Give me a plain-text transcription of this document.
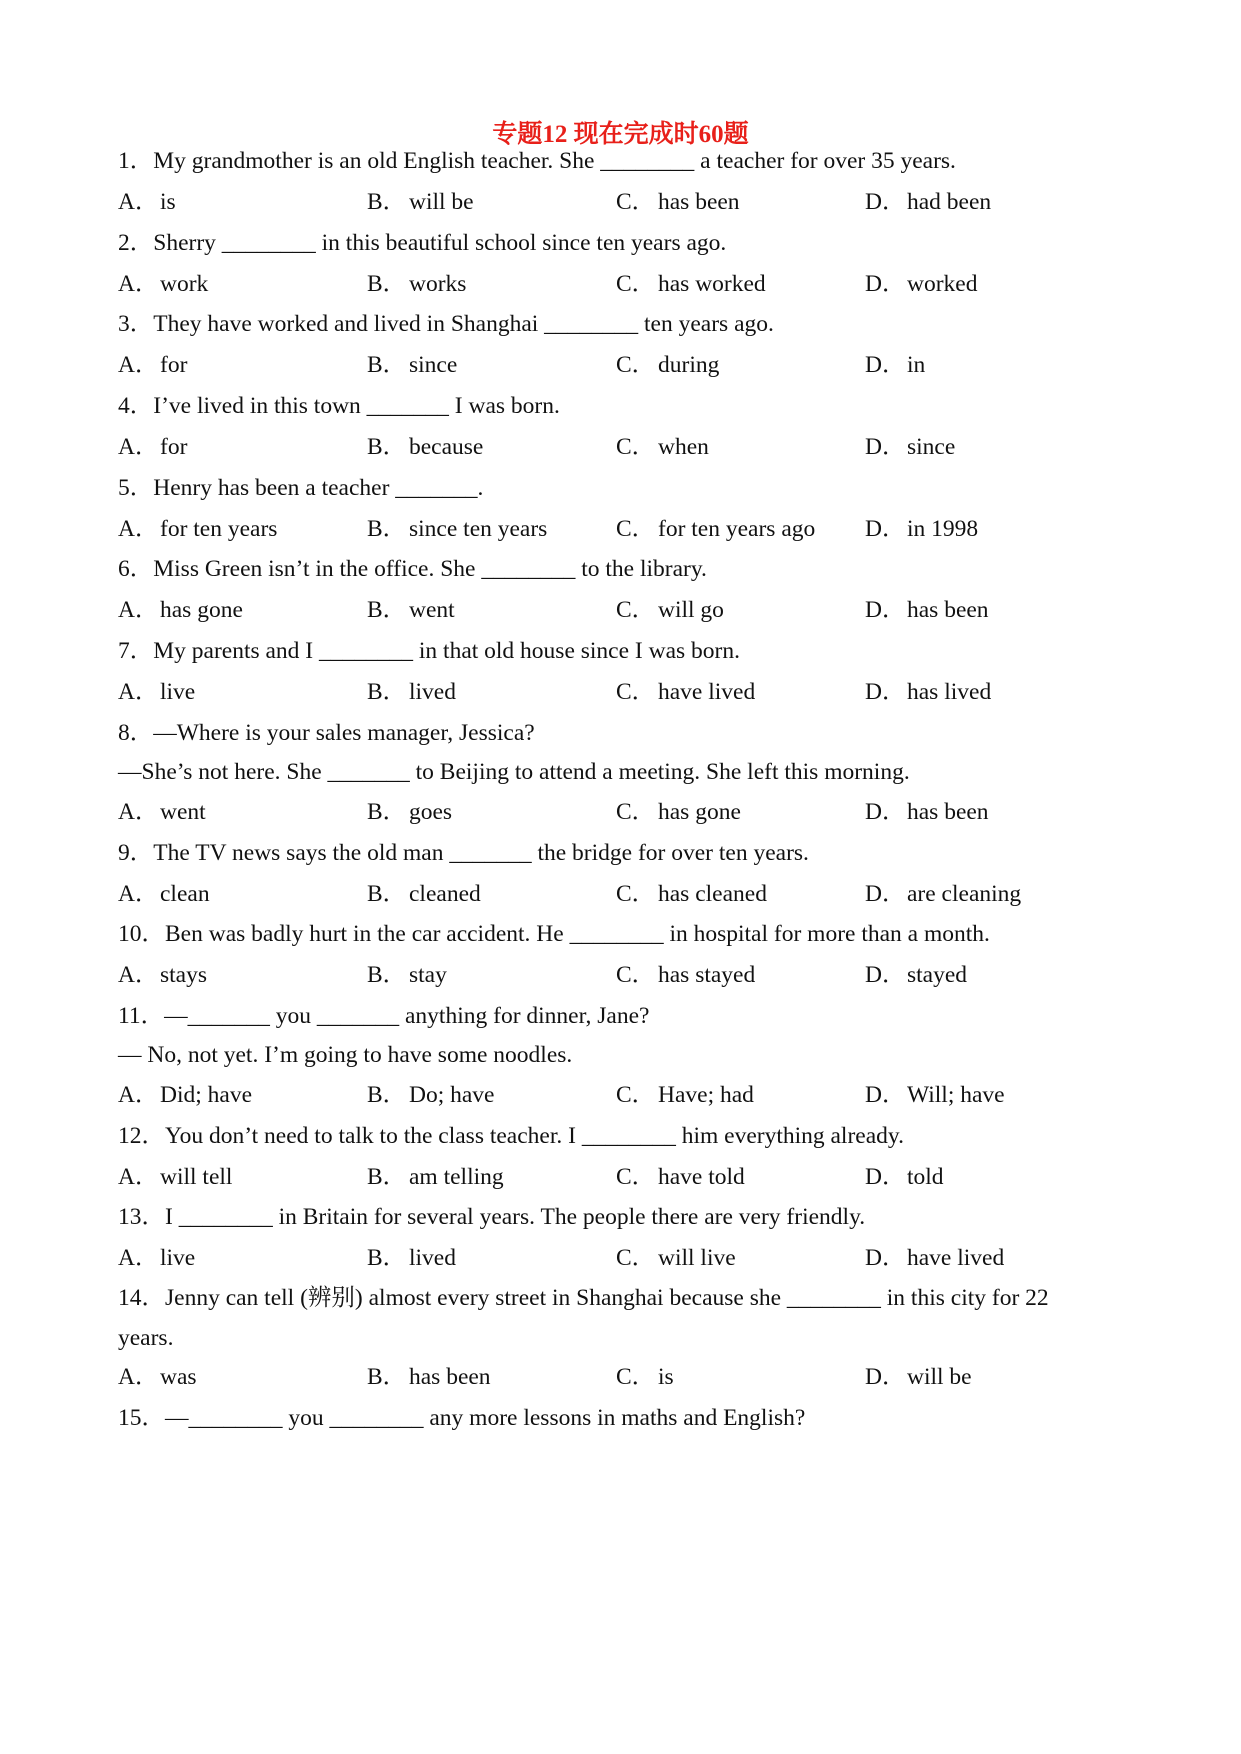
专题12 现在完成时60题
1．My grandmother is an old English teacher. She ________ a teacher for over 35 years.
A．is	B． will be	C． has been	D．had been
2．Sherry ________ in this beautiful school since ten years ago.
A．work	B． works	C． has worked	D．worked
3．They have worked and lived in Shanghai ________ ten years ago.
A．for	B． since	C． during	D．in
4．I’ve lived in this town _______ I was born.
A．for	B． because	C． when	D．since
5．Henry has been a teacher _______.
A．for ten years	B． since ten years	C． for ten years ago D．in 1998
6．Miss Green isn’t in the office. She ________ to the library.
A．has gone	B． went	C． will go	D．has been
7．My parents and I ________ in that old house since I was born.
A．live	B． lived	C． have lived	D．has lived
8．—Where is your sales manager, Jessica?
—She’s not here. She _______ to Beijing to attend a meeting. She left this morning.
A．went	B． goes	C． has gone	D．has been
9．The TV news says the old man _______ the bridge for over ten years.
A．clean	B． cleaned	C． has cleaned	D．are cleaning
10．Ben was badly hurt in the car accident. He ________ in hospital for more than a month.
A．stays	B． stay	C． has stayed	D．stayed
11．—_______ you _______ anything for dinner, Jane?
— No, not yet. I’m going to have some noodles.
A．Did; have	B． Do; have	C． Have; had	D．Will; have
12．You don’t need to talk to the class teacher. I ________ him everything already.
A．will tell	B． am telling	C． have told	D．told
13．I ________ in Britain for several years. The people there are very friendly.
A．live	B． lived	C． will live	D．have lived
14．Jenny can tell (辨别) almost every street in Shanghai because she ________ in this city for 22
years.
A．was	B． has been	C． is	D．will be
15．—________ you ________ any more lessons in maths and English?
